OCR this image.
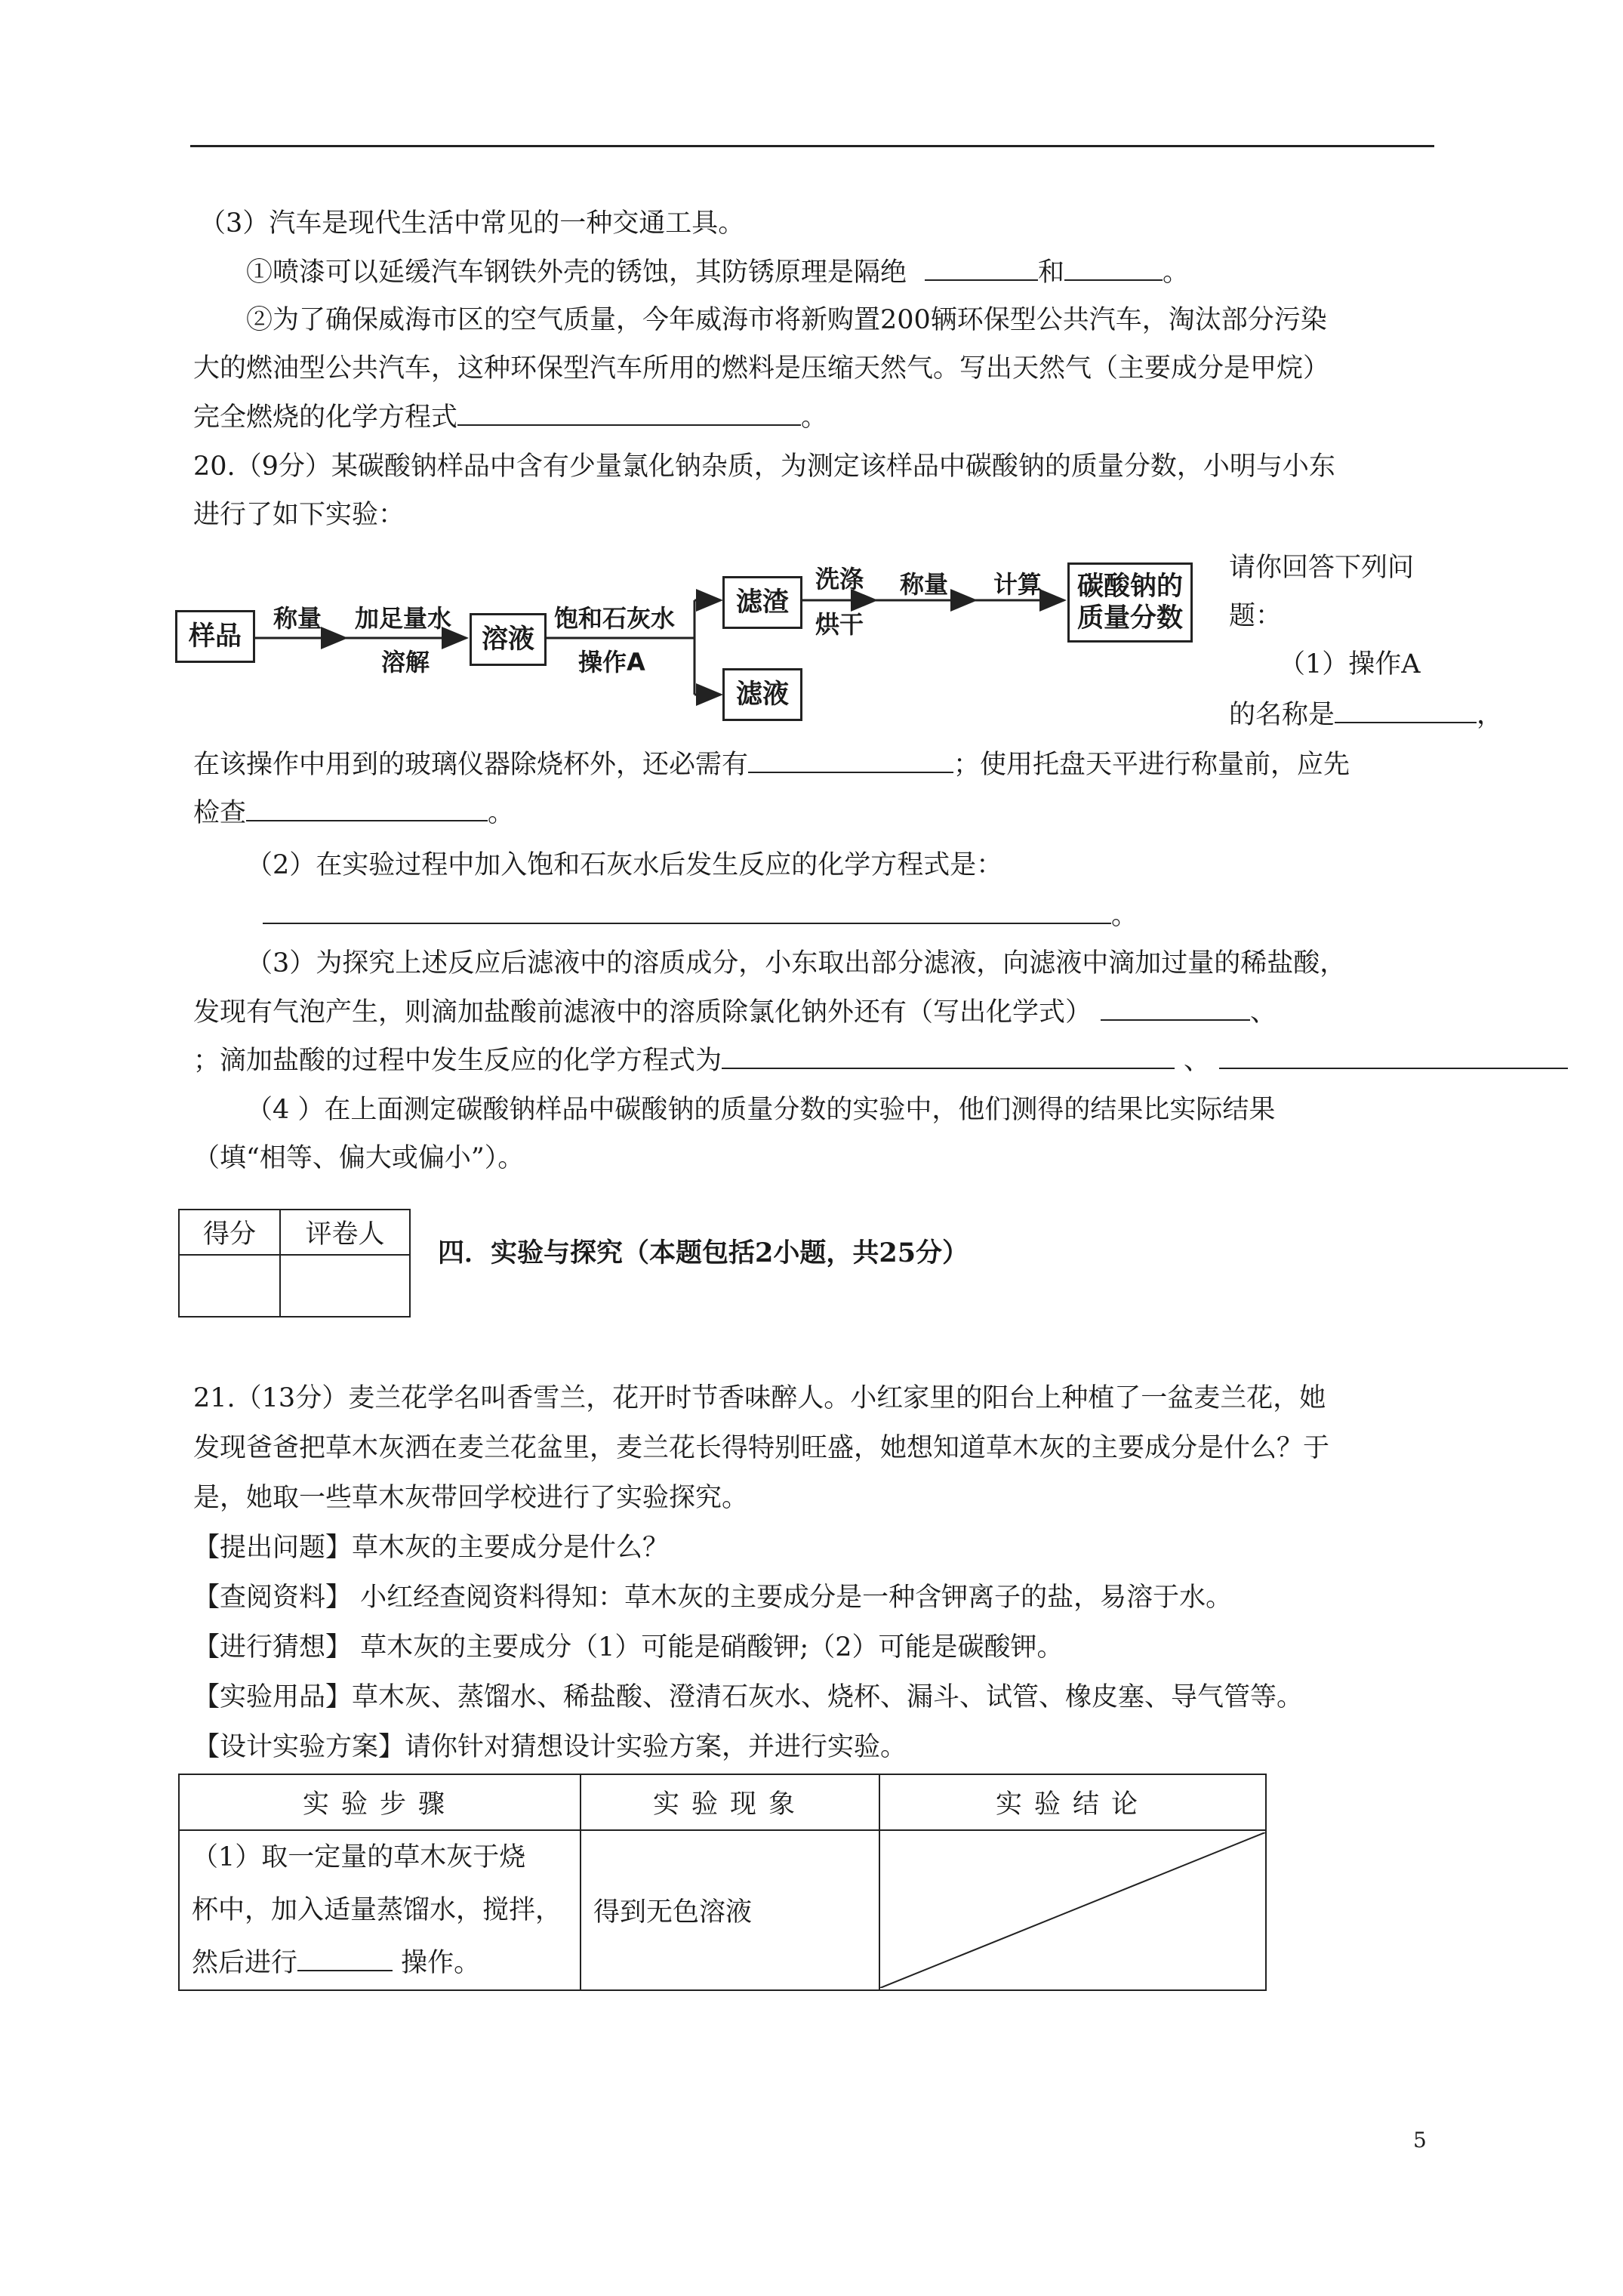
（3）汽车是现代生活中常见的一种交通工具。
①喷漆可以延缓汽车钢铁外壳的锈蚀，其防锈原理是隔绝	和	。
②为了确保威海市区的空气质量，今年威海市将新购置200辆环保型公共汽车，淘汰部分污染
大的燃油型公共汽车，这种环保型汽车所用的燃料是压缩天然气。写出天然气（主要成分是甲烷）
完全燃烧的化学方程式	。
20.（9分）某碳酸钠样品中含有少量氯化钠杂质，为测定该样品中碳酸钠的质量分数，小明与小东
进行了如下实验：
样品
称量 加足量水
溶解
溶液
饱和石灰水
操作A
滤渣
洗涤
烘干
称量 计算 碳酸钠的
质量分数
滤液
请你回答下列问
题：
（1）操作A
的名称是	，
在该操作中用到的玻璃仪器除烧杯外，还必需有	；使用托盘天平进行称量前，应先
检查	。
（2）在实验过程中加入饱和石灰水后发生反应的化学方程式是：
。
（3）为探究上述反应后滤液中的溶质成分，小东取出部分滤液，向滤液中滴加过量的稀盐酸，
发现有气泡产生，则滴加盐酸前滤液中的溶质除氯化钠外还有（写出化学式）	、
；滴加盐酸的过程中发生反应的化学方程式为	、
（4 ）在上面测定碳酸钠样品中碳酸钠的质量分数的实验中，他们测得的结果比实际结果
（填“相等、偏大或偏小”）。
得分	评卷人

四．实验与探究（本题包括2小题，共25分）
21.（13分）麦兰花学名叫香雪兰，花开时节香味醉人。小红家里的阳台上种植了一盆麦兰花，她
发现爸爸把草木灰洒在麦兰花盆里，麦兰花长得特别旺盛，她想知道草木灰的主要成分是什么？于
是，她取一些草木灰带回学校进行了实验探究。
【提出问题】草木灰的主要成分是什么？
【查阅资料】 小红经查阅资料得知：草木灰的主要成分是一种含钾离子的盐，易溶于水。
【进行猜想】 草木灰的主要成分（1）可能是硝酸钾;（2）可能是碳酸钾。
【实验用品】草木灰、蒸馏水、稀盐酸、澄清石灰水、烧杯、漏斗、试管、橡皮塞、导气管等。
【设计实验方案】请你针对猜想设计实验方案，并进行实验。
实验步骤	实验现象	实验结论

（1）取一定量的草木灰于烧
杯中，加入适量蒸馏水，搅拌，
然后进行 操作。	得到无色溶液	
5
